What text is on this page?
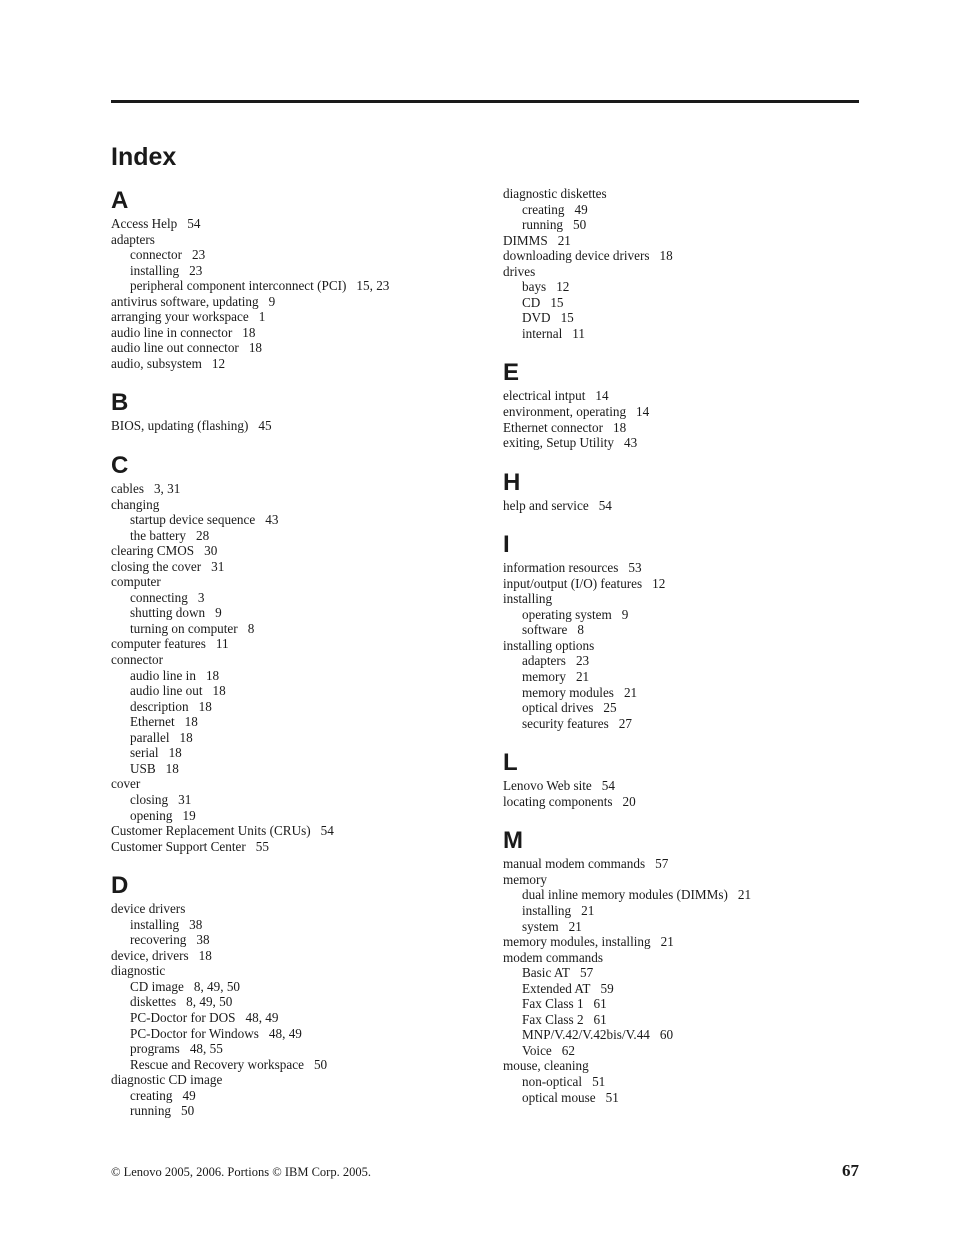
Index
A
Access Help 54
adapters
connector 23
installing 23
peripheral component interconnect (PCI) 15, 23
antivirus software, updating 9
arranging your workspace 1
audio line in connector 18
audio line out connector 18
audio, subsystem 12
B
BIOS, updating (flashing) 45
C
cables 3, 31
changing
startup device sequence 43
the battery 28
clearing CMOS 30
closing the cover 31
computer
connecting 3
shutting down 9
turning on computer 8
computer features 11
connector
audio line in 18
audio line out 18
description 18
Ethernet 18
parallel 18
serial 18
USB 18
cover
closing 31
opening 19
Customer Replacement Units (CRUs) 54
Customer Support Center 55
D
device drivers
installing 38
recovering 38
device, drivers 18
diagnostic
CD image 8, 49, 50
diskettes 8, 49, 50
PC-Doctor for DOS 48, 49
PC-Doctor for Windows 48, 49
programs 48, 55
Rescue and Recovery workspace 50
diagnostic CD image
creating 49
running 50
diagnostic diskettes
creating 49
running 50
DIMMS 21
downloading device drivers 18
drives
bays 12
CD 15
DVD 15
internal 11
E
electrical intput 14
environment, operating 14
Ethernet connector 18
exiting, Setup Utility 43
H
help and service 54
I
information resources 53
input/output (I/O) features 12
installing
operating system 9
software 8
installing options
adapters 23
memory 21
memory modules 21
optical drives 25
security features 27
L
Lenovo Web site 54
locating components 20
M
manual modem commands 57
memory
dual inline memory modules (DIMMs) 21
installing 21
system 21
memory modules, installing 21
modem commands
Basic AT 57
Extended AT 59
Fax Class 1 61
Fax Class 2 61
MNP/V.42/V.42bis/V.44 60
Voice 62
mouse, cleaning
non-optical 51
optical mouse 51
© Lenovo 2005, 2006. Portions © IBM Corp. 2005.	67
